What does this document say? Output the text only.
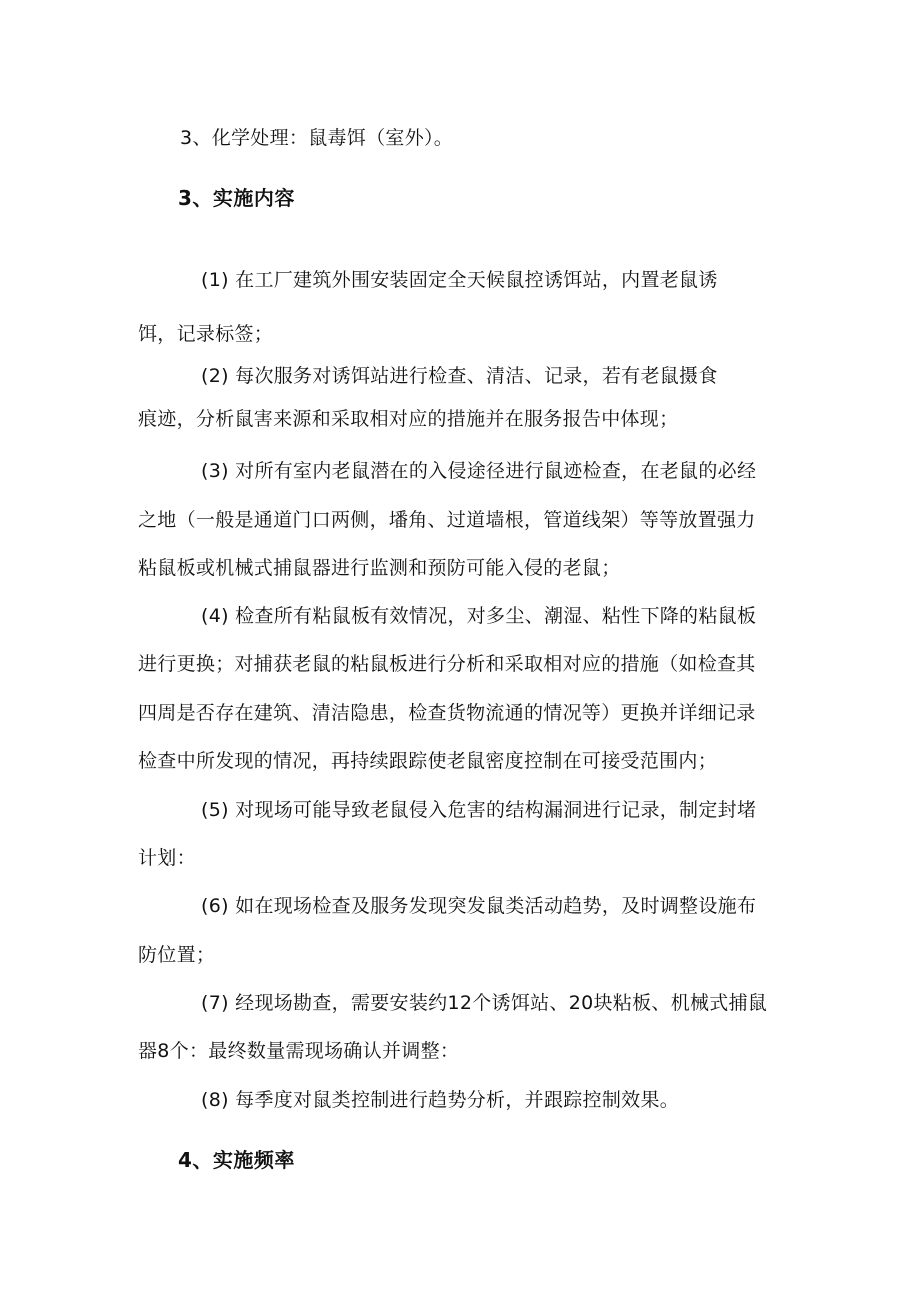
3、化学处理：鼠毒饵（室外）。
3、实施内容
(1) 在工厂建筑外围安装固定全天候鼠控诱饵站，内置老鼠诱
饵，记录标签；
(2) 每次服务对诱饵站进行检查、清洁、记录，若有老鼠摄食
痕迹，分析鼠害来源和采取相对应的措施并在服务报告中体现；
(3) 对所有室内老鼠潜在的入侵途径进行鼠迹检查，在老鼠的必经
之地（一般是通道门口两侧，墦角、过道墙根，管道线架）等等放置强力
粘鼠板或机械式捕鼠器进行监测和预防可能入侵的老鼠；
(4) 检查所有粘鼠板有效情况，对多尘、潮湿、粘性下降的粘鼠板
进行更换；对捕获老鼠的粘鼠板进行分析和采取相对应的措施（如检查其
四周是否存在建筑、清洁隐患，检查货物流通的情况等）更换并详细记录
检查中所发现的情况，再持续跟踪使老鼠密度控制在可接受范围内；
(5) 对现场可能导致老鼠侵入危害的结构漏洞进行记录，制定封堵
计划：
(6) 如在现场检查及服务发现突发鼠类活动趋势，及时调整设施布
防位置；
(7) 经现场勘查，需要安装约12个诱饵站、20块粘板、机械式捕鼠
器8个：最终数量需现场确认并调整：
(8) 每季度对鼠类控制进行趋势分析，并跟踪控制效果。
4、实施频率
